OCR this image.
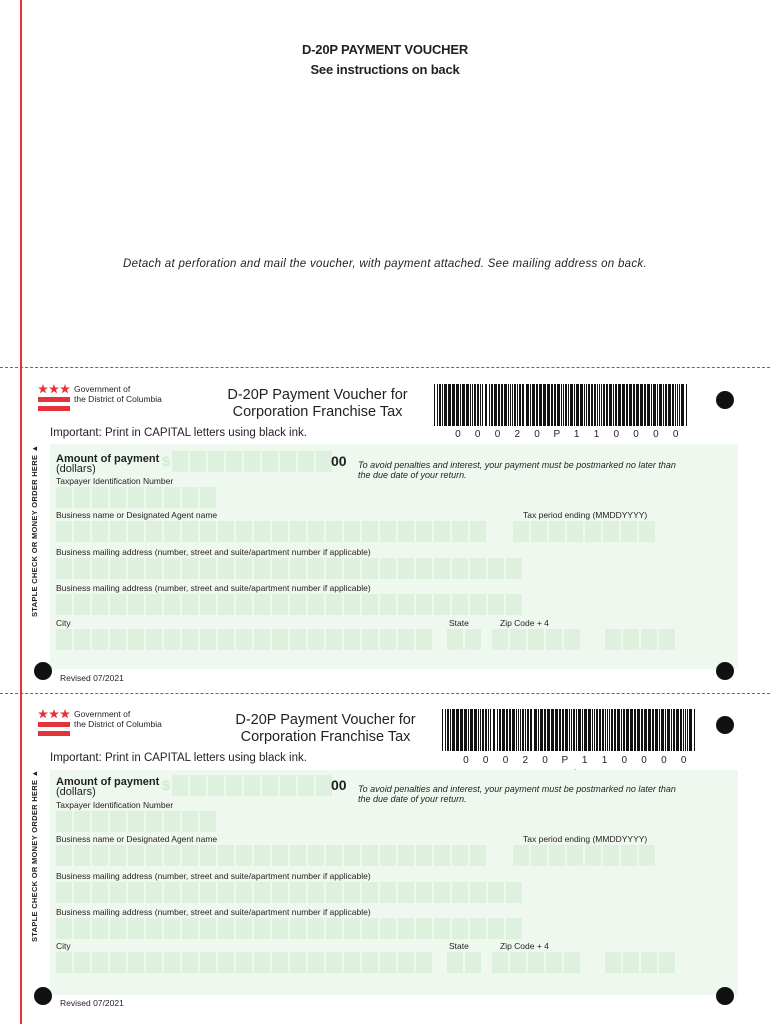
D-20P PAYMENT VOUCHER
See instructions on back
Detach at perforation and mail the voucher, with payment attached. See mailing address on back.
Government of
the District of Columbia	D-20P Payment Voucher for
Corporation Franchise Tax
0	0	0	2	0	P	1	1	0	0	0	0
Important: Print in CAPITAL letters using black ink.
Amount of payment
(dollars)	$	00 To avoid penalties and interest, your payment must be postmarked no later than the due date of your return.
Taxpayer Identification Number
Business name or Designated Agent name	Tax period ending (MMDDYYYY)
Business mailing address (number, street and suite/apartment number if applicable)
Business mailing address (number, street and suite/apartment number if applicable)
City	State	Zip Code + 4
STAPLE CHECK OR MONEY ORDER HERE ▲
Revised 07/2021
Government of
the District of Columbia	D-20P Payment Voucher for
Corporation Franchise Tax
0	0	0	2	0	P	1	1	0	0	0	0
Important: Print in CAPITAL letters using black ink.
Amount of payment
(dollars)	$	00 To avoid penalties and interest, your payment must be postmarked no later than the due date of your return.
Taxpayer Identification Number
Business name or Designated Agent name	Tax period ending (MMDDYYYY)
Business mailing address (number, street and suite/apartment number if applicable)
Business mailing address (number, street and suite/apartment number if applicable)
City	State	Zip Code + 4
STAPLE CHECK OR MONEY ORDER HERE ▲
Revised 07/2021
